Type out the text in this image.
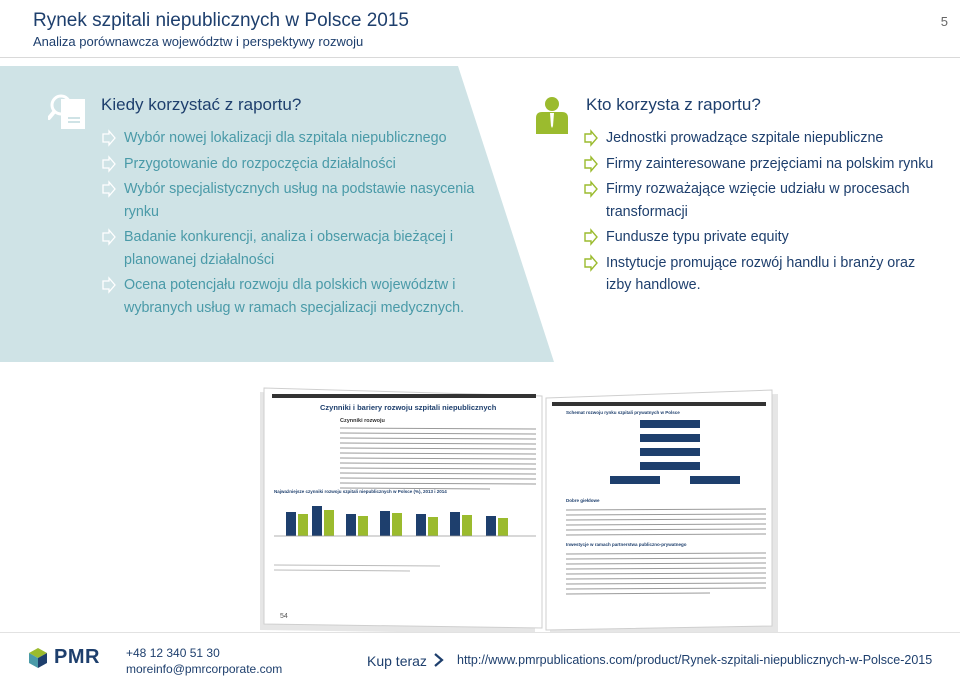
Rynek szpitali niepublicznych w Polsce 2015
Analiza porównawcza województw i perspektywy rozwoju
5
Kiedy korzystać z raportu?
Wybór nowej lokalizacji dla szpitala niepublicznego
Przygotowanie do rozpoczęcia działalności
Wybór specjalistycznych usług na podstawie nasycenia rynku
Badanie konkurencji, analiza i obserwacja bieżącej i planowanej działalności
Ocena potencjału rozwoju dla polskich województw i wybranych usług w ramach specjalizacji medycznych.
Kto korzysta z raportu?
Jednostki prowadzące szpitale niepubliczne
Firmy zainteresowane przejęciami na polskim rynku
Firmy rozważające wzięcie udziału w procesach transformacji
Fundusze typu private equity
Instytucje promujące rozwój handlu i branży oraz izby handlowe.
Czynniki i bariery rozwoju szpitali niepublicznych
Czynniki rozwoju
Najważniejsze czynniki rozwoju szpitali niepublicznych w Polsce (%), 2013 i 2014
54
Schemat rozwoju rynku szpitali prywatnych w Polsce
Dobre giełdowe
Inwestycje w ramach partnerstwa publiczno-prywatnego
PMR +48 12 340 51 30
moreinfo@pmrcorporate.com	Kup teraz http://www.pmrpublications.com/product/Rynek-szpitali-niepublicznych-w-Polsce-2015
